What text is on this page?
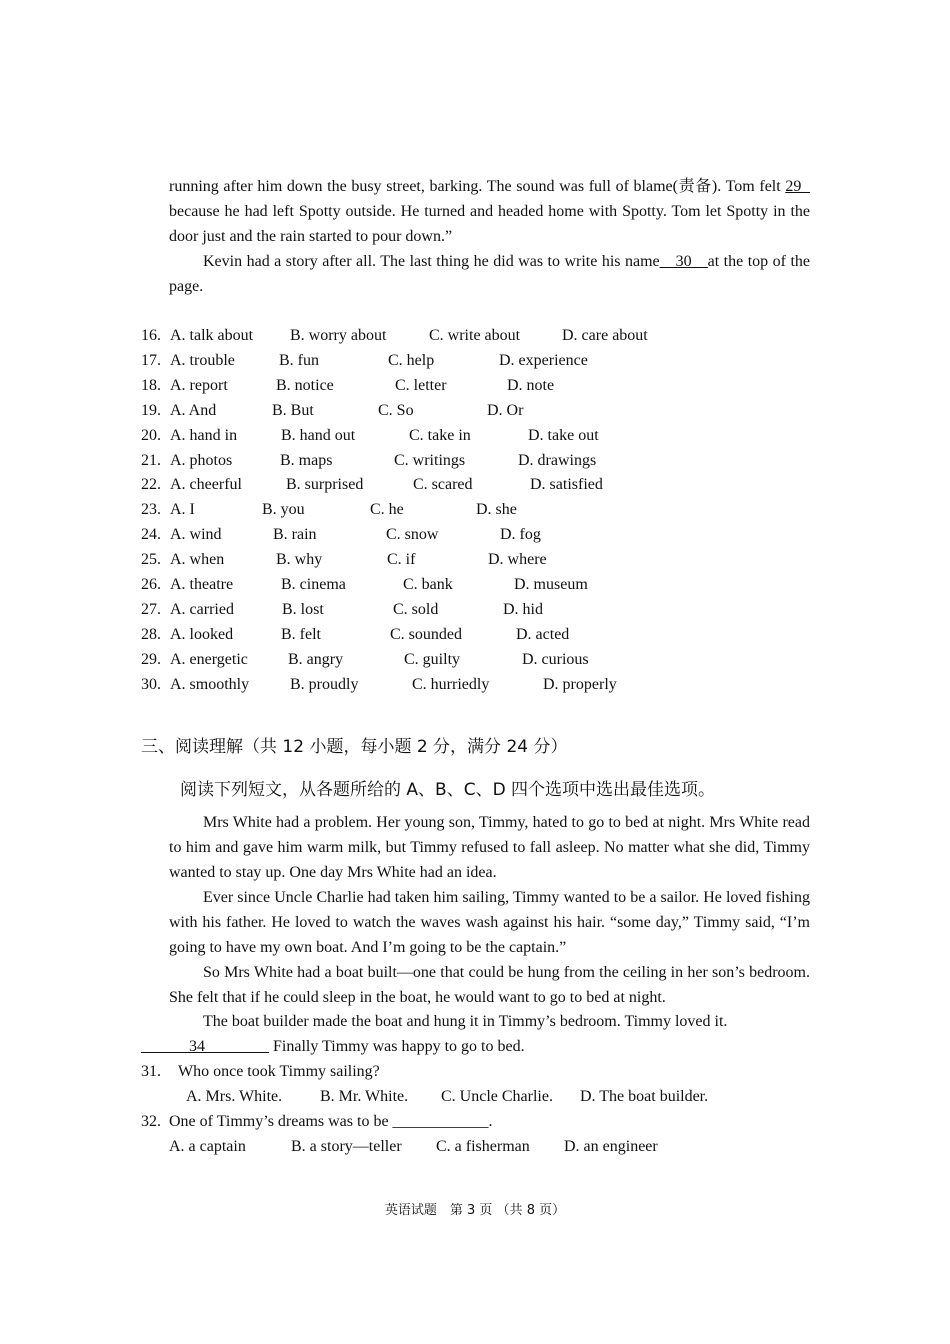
running after him down the busy street, barking. The sound was full of blame(责备). Tom felt 29   because he had left Spotty outside. He turned and headed home with Spotty. Tom let Spotty in the door just and the rain started to pour down.”

Kevin had a story after all. The last thing he did was to write his name__30__at the top of the page.

16. A. talk about B. worry about	C. write about	D. care about
17. A. trouble	B. fun	C. help	D. experience
18. A. report	B. notice	C. letter	D. note
19. A. And	B. But	C. So	D. Or
20. A. hand in	B. hand out	C. take in	D. take out
21. A. photos	B. maps	C. writings	D. drawings
22. A. cheerful	B. surprised	C. scared	D. satisfied
23. A. I	B. you	C. he	D. she
24. A. wind	B. rain	C. snow	D. fog
25. A. when	B. why	C. if	D. where
26. A. theatre	B. cinema	C. bank	D. museum
27. A. carried	B. lost	C. sold	D. hid
28. A. looked	B. felt	C. sounded	D. acted
29. A. energetic	B. angry	C. guilty	D. curious
30. A. smoothly	B. proudly	C. hurriedly	D. properly
三、阅读理解（共 12 小题，每小题 2 分，满分 24 分）
阅读下列短文，从各题所给的 A、B、C、D 四个选项中选出最佳选项。

Mrs White had a problem. Her young son, Timmy, hated to go to bed at night. Mrs White read to him and gave him warm milk, but Timmy refused to fall asleep. No matter what she did, Timmy wanted to stay up. One day Mrs White had an idea.

Ever since Uncle Charlie had taken him sailing, Timmy wanted to be a sailor. He loved fishing with his father. He loved to watch the waves wash against his hair. “some day,” Timmy said, “I’m going to have my own boat. And I’m going to be the captain.”

So Mrs White had a boat built—one that could be hung from the ceiling in her son’s bedroom. She felt that if he could sleep in the boat, he would want to go to bed at night.

The boat builder made the boat and hung it in Timmy’s bedroom. Timmy loved it.

______34________ Finally Timmy was happy to go to bed.

31. Who once took Timmy sailing?
A. Mrs. White. B. Mr. White. C. Uncle Charlie. D. The boat builder.
32. One of Timmy’s dreams was to be ____________.
A. a captain	B. a story—teller C. a fisherman D. an engineer
英语试题　第 3 页 （共 8 页）
